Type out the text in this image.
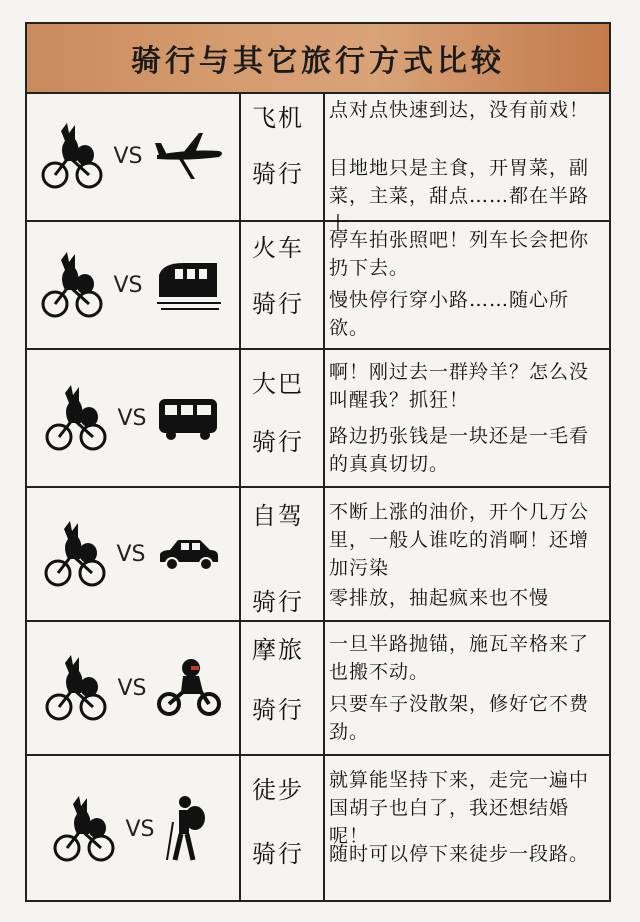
骑行与其它旅行方式比较
VS
飞机
骑行

点对点快速到达，没有前戏！

目地地只是主食，开胃菜，副菜，主菜，甜点……都在半路上

VS
火车
骑行

停车拍张照吧！列车长会把你扔下去。

慢快停行穿小路……随心所欲。

VS
大巴
骑行

啊！刚过去一群羚羊？怎么没叫醒我？抓狂！

路边扔张钱是一块还是一毛看的真真切切。

VS
自驾
骑行

不断上涨的油价，开个几万公里，一般人谁吃的消啊！还增加污染

零排放，抽起疯来也不慢

VS
摩旅
骑行

一旦半路抛锚，施瓦辛格来了也搬不动。

只要车子没散架，修好它不费劲。

VS
徒步
骑行

就算能坚持下来，走完一遍中国胡子也白了，我还想结婚呢！

随时可以停下来徒步一段路。
